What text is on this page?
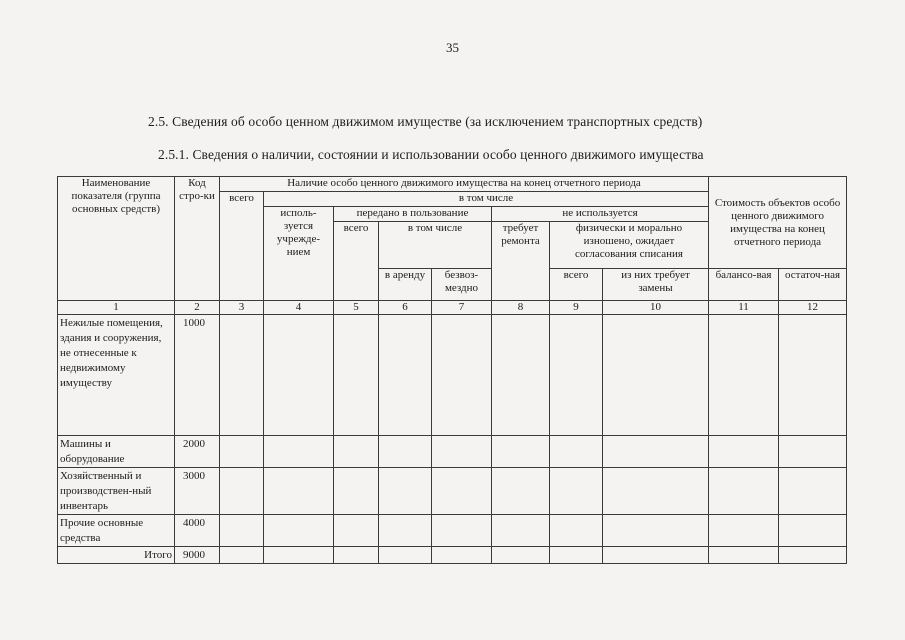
35
2.5. Сведения об особо ценном движимом имуществе (за исключением транспортных средств)
2.5.1. Сведения о наличии, состоянии и использовании особо ценного движимого имущества
Наименование показателя (группа основных средств)	Код стро-ки	Наличие особо ценного движимого имущества на конец отчетного периода								Стоимость объектов особо ценного движимого имущества на конец отчетного периода	
		всего	в том числе								
			исполь-зуется учрежде-нием	передано в пользование			не используется				
				всего	в том числе		требует ремонта	физически и морально изношено, ожидает согласования списания			
					в аренду	безвоз-мездно		всего	из них требует замены	балансо-вая	остаточ-ная
1	2	3	4	5	6	7	8	9	10	11	12
Нежилые помещения, здания и сооружения, не отнесенные к недвижимому имуществу	1000										
Машины и оборудование	2000										
Хозяйственный и производствен-ный инвентарь	3000										
Прочие основные средства	4000										
Итого	9000										
